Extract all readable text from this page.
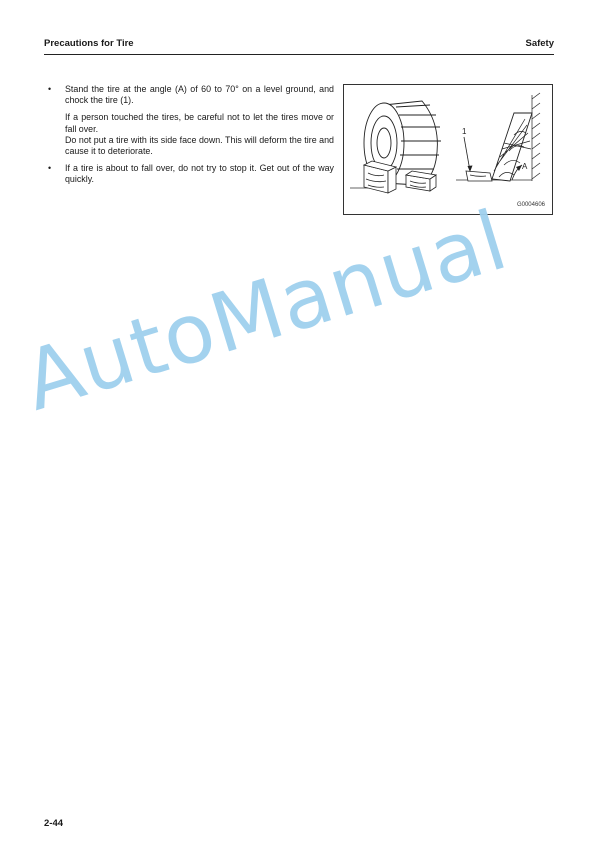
Precautions for Tire	Safety
• Stand the tire at the angle (A) of 60 to 70° on a level ground, and chock the tire (1).

If a person touched the tires, be careful not to let the tires move or fall over.

Do not put a tire with its side face down. This will deform the tire and cause it to deteriorate.

• If a tire is about to fall over, do not try to stop it. Get out of the way quickly.

1
A
G0004606
AutoManual
2-44
